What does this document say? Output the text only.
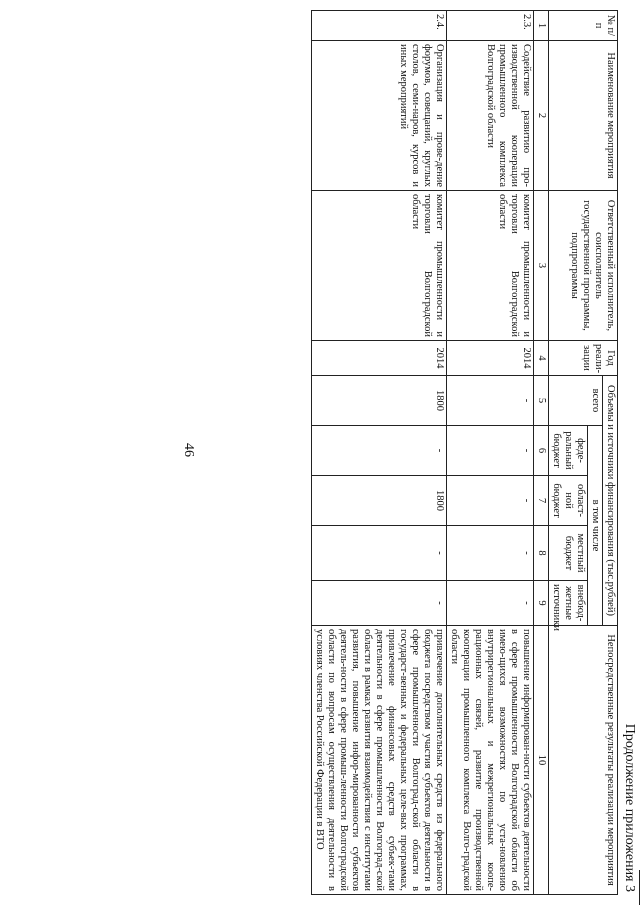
46
Продолжение приложения 3
№ п/п	Наименование мероприятия	Ответственный исполнитель, соисполнитель государственной программы, подпрограммы	Год реали-зации	Объемы и источники финансирования (тыс.рублей)					Непосредственные результаты реализации мероприятия
				всего	в том числе				
					феде-ральный бюджет	област-ной бюджет	местный бюджет	внебюд-жетные источники	
1	2	3	4	5	6	7	8	9	10
2.3.	Содействие развитию про-изводственной кооперации промышленного комплекса Волгоградской области	комитет промышленности и торговли Волгоградской области	2014	-	-	-	-	-	повышение информирован-ности субъектов деятельности в сфере промышленности Волгоградской области об имею-щихся возможностях по уста-новлению внутрирегиональных и межрегиональных коопе-рационных связей, развитие производственной кооперации промышленного комплекса Волго-градской области
2.4.	Организация и прове-дение форумов, совещаний, круглых столов, семи-наров, курсов и иных мероприятий	комитет промышленности и торговли Волгоградской области	2014	1800	-	1800	-	-	привлечение дополнительных средств из федерального бюджета посредством участия субъектов деятельности в сфере промышленности Волгоград-ской области в государст-венных и федеральных целе-вых программах, привлечение финансовых средств субъек-тами деятельности в сфере промышленности Волгоград-ской области в рамках развития взаимодействия с институтами развития, повышение инфор-мированности субъектов деятель-ности в сфере промыш-ленности Волгоградской области по вопросам осуществления деятельности в условиях членства Российской Федерации в ВТО
